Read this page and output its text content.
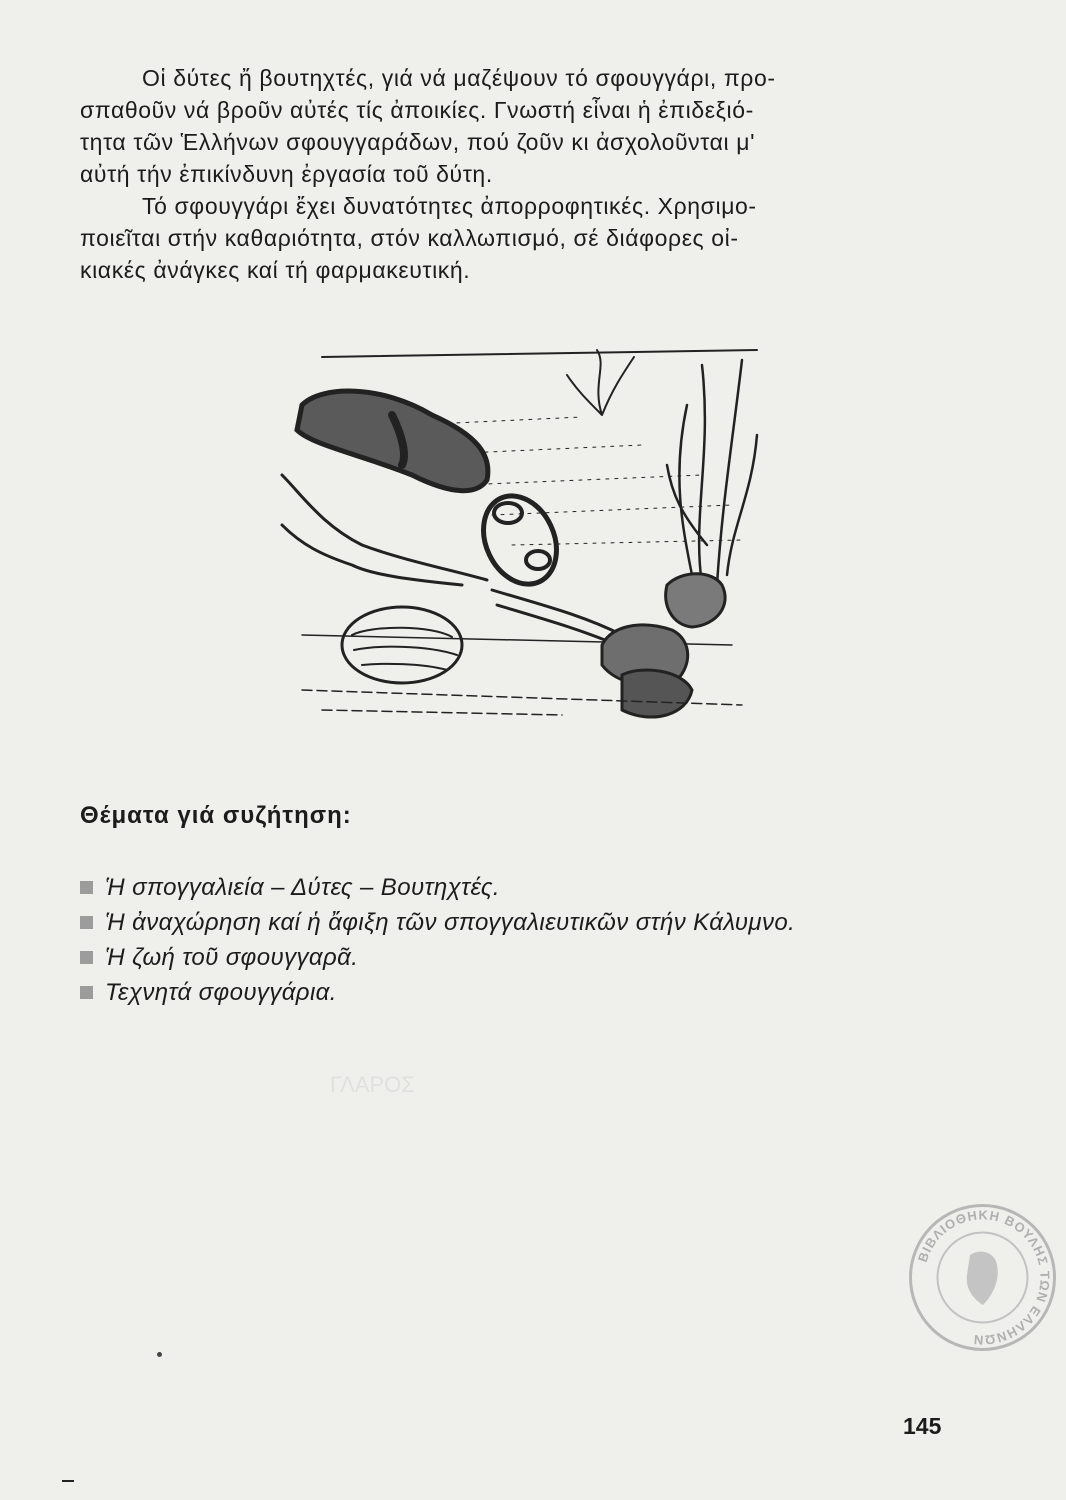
ΓΛΑΡΟΣ

Οἱ δύτες ἤ βουτηχτές, γιά νά μαζέψουν τό σφουγγάρι, προ-
σπαθοῦν νά βροῦν αὐτές τίς ἀποικίες. Γνωστή εἶναι ἡ ἐπιδεξιό-
τητα τῶν Ἑλλήνων σφουγγαράδων, πού ζοῦν κι ἀσχολοῦνται μ'
αὐτή τήν ἐπικίνδυνη ἐργασία τοῦ δύτη.

Τό σφουγγάρι ἔχει δυνατότητες ἀπορροφητικές. Χρησιμο-
ποιεῖται στήν καθαριότητα, στόν καλλωπισμό, σέ διάφορες οἰ-
κιακές ἀνάγκες καί τή φαρμακευτική.

Θέματα γιά συζήτηση:
Ἡ σπογγαλιεία – Δύτες – Βουτηχτές.
Ἡ ἀναχώρηση καί ἡ ἄφιξη τῶν σπογγαλιευτικῶν στήν Κάλυμνο.
Ἡ ζωή τοῦ σφουγγαρᾶ.
Τεχνητά σφουγγάρια.
ΒΙΒΛΙΟΘΗΚΗ ΒΟΥΛΗΣ ΤΩΝ ΕΛΛΗΝΩΝ
145
